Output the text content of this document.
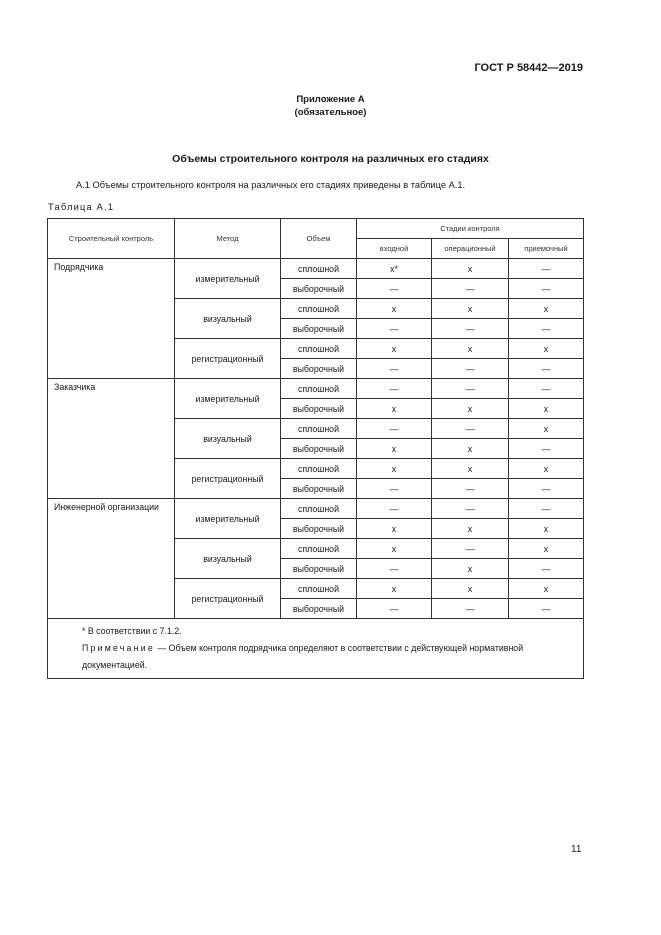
ГОСТ Р 58442—2019
Приложение А
(обязательное)
Объемы строительного контроля на различных его стадиях
А.1 Объемы строительного контроля на различных его стадиях приведены в таблице А.1.
Таблица А.1
Строительный контроль	Метод	Объем	Стадии контроля		
			входной	операционный	приемочный
Подрядчика	измерительный	сплошной	x*	x	—
		выборочный	—	—	—
	визуальный	сплошной	x	x	x
		выборочный	—	—	—
	регистрационный	сплошной	x	x	x
		выборочный	—	—	—
Заказчика	измерительный	сплошной	—	—	—
		выборочный	x	x	x
	визуальный	сплошной	—	—	x
		выборочный	x	x	—
	регистрационный	сплошной	x	x	x
		выборочный	—	—	—
Инженерной организации	измерительный	сплошной	—	—	—
		выборочный	x	x	x
	визуальный	сплошной	x	—	x
		выборочный	—	x	—
	регистрационный	сплошной	x	x	x
		выборочный	—	—	—

* В соответствии с 7.1.2.
Примечание — Объем контроля подрядчика определяют в соответствии с действующей нормативной документацией.					
11
